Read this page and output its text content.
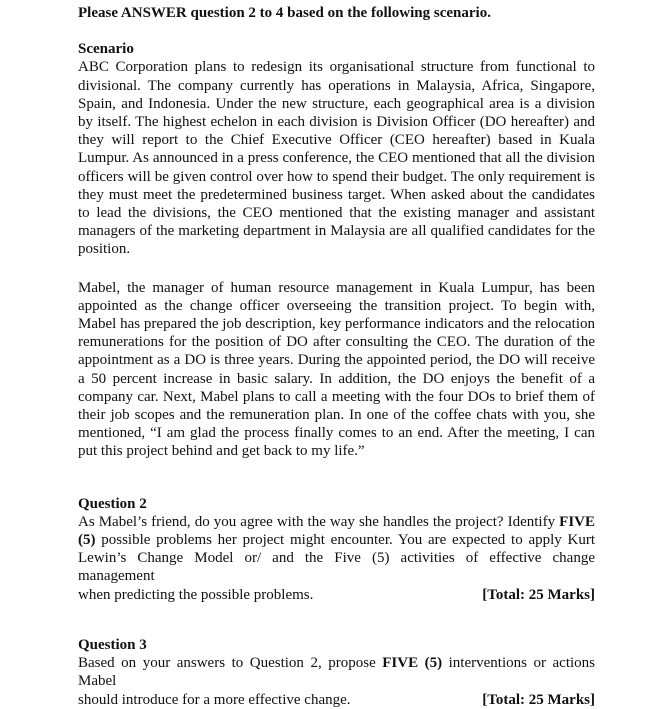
Please ANSWER question 2 to 4 based on the following scenario.
Scenario

ABC Corporation plans to redesign its organisational structure from functional to divisional. The company currently has operations in Malaysia, Africa, Singapore, Spain, and Indonesia. Under the new structure, each geographical area is a division by itself. The highest echelon in each division is Division Officer (DO hereafter) and they will report to the Chief Executive Officer (CEO hereafter) based in Kuala Lumpur. As announced in a press conference, the CEO mentioned that all the division officers will be given control over how to spend their budget. The only requirement is they must meet the predetermined business target. When asked about the candidates to lead the divisions, the CEO mentioned that the existing manager and assistant managers of the marketing department in Malaysia are all qualified candidates for the position.

Mabel, the manager of human resource management in Kuala Lumpur, has been appointed as the change officer overseeing the transition project. To begin with, Mabel has prepared the job description, key performance indicators and the relocation remunerations for the position of DO after consulting the CEO. The duration of the appointment as a DO is three years. During the appointed period, the DO will receive a 50 percent increase in basic salary. In addition, the DO enjoys the benefit of a company car. Next, Mabel plans to call a meeting with the four DOs to brief them of their job scopes and the remuneration plan. In one of the coffee chats with you, she mentioned, “I am glad the process finally comes to an end. After the meeting, I can put this project behind and get back to my life.”

Question 2

As Mabel’s friend, do you agree with the way she handles the project? Identify FIVE (5) possible problems her project might encounter. You are expected to apply Kurt Lewin’s Change Model or/ and the Five (5) activities of effective change management

when predicting the possible problems.	[Total: 25 Marks]
Question 3

Based on your answers to Question 2, propose FIVE (5) interventions or actions Mabel

should introduce for a more effective change.	[Total: 25 Marks]
